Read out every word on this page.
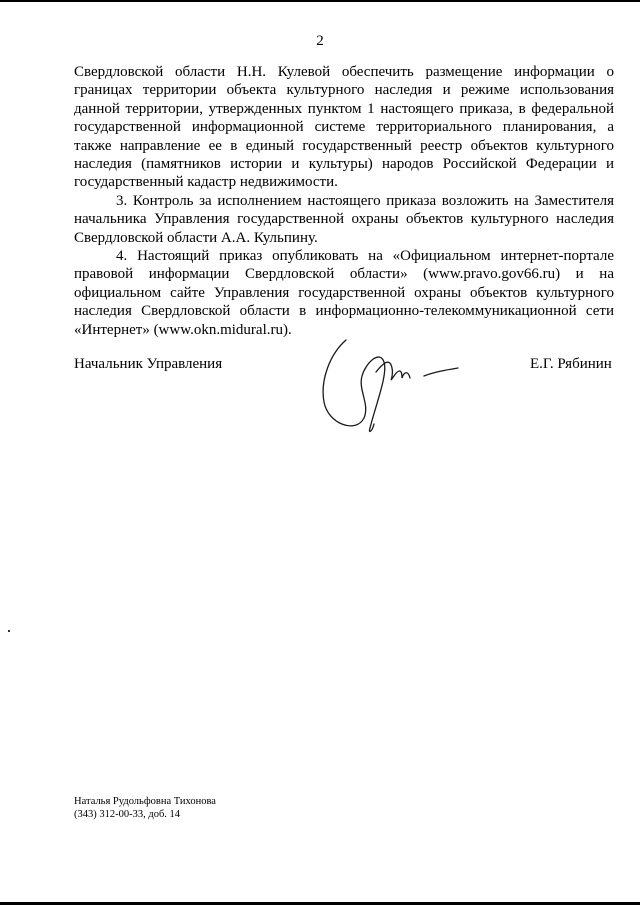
2

Свердловской области Н.Н. Кулевой обеспечить размещение информации о границах территории объекта культурного наследия и режиме использования данной территории, утвержденных пунктом 1 настоящего приказа, в федеральной государственной информационной системе территориального планирования, а также направление ее в единый государственный реестр объектов культурного наследия (памятников истории и культуры) народов Российской Федерации и государственный кадастр недвижимости.

3. Контроль за исполнением настоящего приказа возложить на Заместителя начальника Управления государственной охраны объектов культурного наследия Свердловской области А.А. Кульпину.

4. Настоящий приказ опубликовать на «Официальном интернет-портале правовой информации Свердловской области» (www.pravo.gov66.ru) и на официальном сайте Управления государственной охраны объектов культурного наследия Свердловской области в информационно-телекоммуникационной сети «Интернет» (www.okn.midural.ru).

Начальник Управления	Е.Г. Рябинин
Наталья Рудольфовна Тихонова
(343) 312-00-33, доб. 14
